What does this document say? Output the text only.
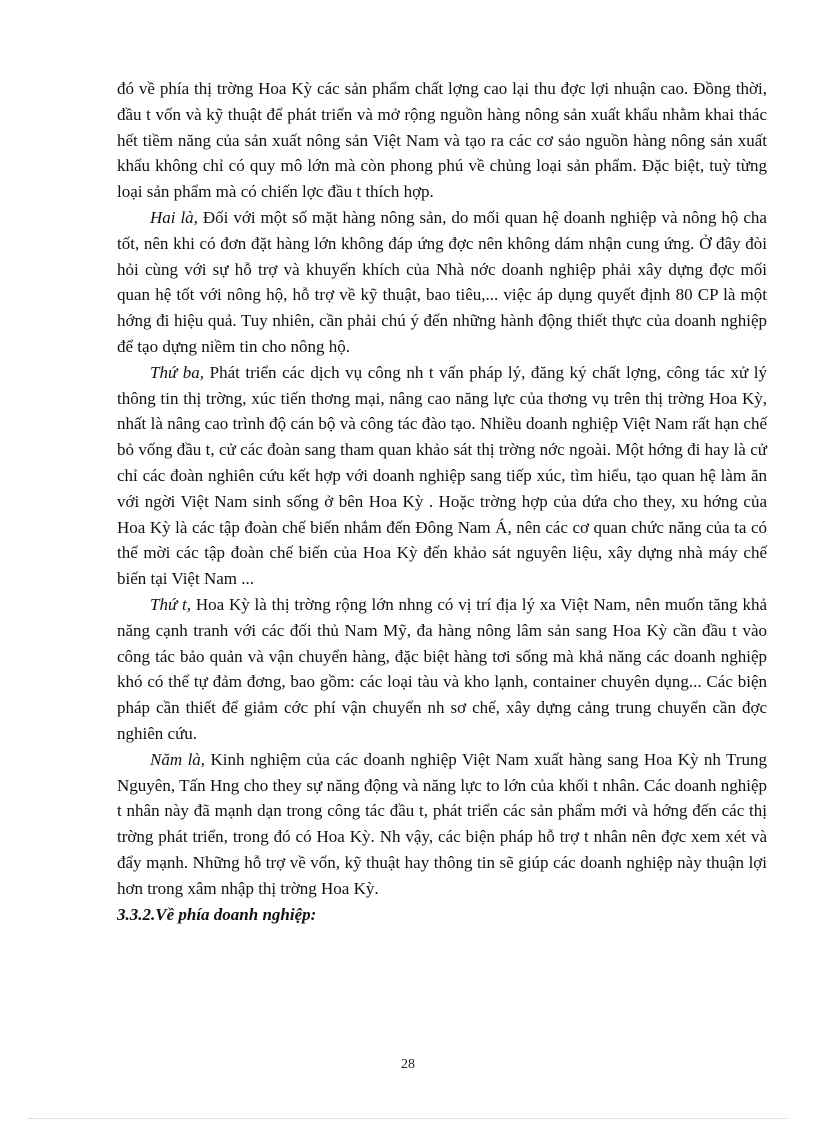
đó về phía thị trờng Hoa Kỳ các sản phẩm chất lợng cao lại thu đợc lợi nhuận cao. Đồng thời, đầu t vốn và kỹ thuật để phát triển và mở rộng nguồn hàng nông sản xuất khẩu nhằm khai thác hết tiềm năng của sản xuất nông sản Việt Nam và tạo ra các cơ sảo nguồn hàng nông sản xuất khẩu không chỉ có quy mô lớn mà còn phong phú về chủng loại sản phẩm. Đặc biệt, tuỳ từng loại sản phẩm mà có chiến lợc đầu t thích hợp.

Hai là, Đối với một số mặt hàng nông sản, do mối quan hệ doanh nghiệp và nông hộ cha tốt, nên khi có đơn đặt hàng lớn không đáp ứng đợc nên không dám nhận cung ứng. Ở đây đòi hỏi cùng với sự hỗ trợ và khuyến khích của Nhà nớc doanh nghiệp phải xây dựng đợc mối quan hệ tốt với nông hộ, hỗ trợ về kỹ thuật, bao tiêu,... việc áp dụng quyết định 80 CP là một hớng đi hiệu quả. Tuy nhiên, cần phải chú ý đến những hành động thiết thực của doanh nghiệp để tạo dựng niềm tin cho nông hộ.

Thứ ba, Phát triển các dịch vụ công nh t vấn pháp lý, đăng ký chất lợng, công tác xử lý thông tin thị trờng, xúc tiến thơng mại, nâng cao năng lực của thơng vụ trên thị trờng Hoa Kỳ, nhất là nâng cao trình độ cán bộ và công tác đào tạo. Nhiều doanh nghiệp Việt Nam rất hạn chế bỏ vống đầu t, cử các đoàn sang tham quan khảo sát thị trờng nớc ngoài. Một hớng đi hay là cử chỉ các đoàn nghiên cứu kết hợp với doanh nghiệp sang tiếp xúc, tìm hiểu, tạo quan hệ làm ăn với ngời Việt Nam sinh sống ở bên Hoa Kỳ . Hoặc trờng hợp của dứa cho they, xu hớng của Hoa Kỳ là các tập đoàn chế biến nhắm đến Đông Nam Á, nên các cơ quan chức năng của ta có thể mời các tập đoàn chế biến của Hoa Kỳ đến khảo sát nguyên liệu, xây dựng nhà máy chế biến tại Việt Nam ...

Thứ t, Hoa Kỳ là thị trờng rộng lớn nhng có vị trí địa lý xa Việt Nam, nên muốn tăng khả năng cạnh tranh với các đối thủ Nam Mỹ, đa hàng nông lâm sản sang Hoa Kỳ cần đầu t vào công tác bảo quản và vận chuyển hàng, đặc biệt hàng tơi sống mà khả năng các doanh nghiệp khó có thể tự đảm đơng, bao gồm: các loại tàu và kho lạnh, container chuyên dụng... Các biện pháp cần thiết để giảm cớc phí vận chuyển nh sơ chế, xây dựng cảng trung chuyển cần đợc nghiên cứu.

Năm là, Kinh nghiệm của các doanh nghiệp Việt Nam xuất hàng sang Hoa Kỳ nh Trung Nguyên, Tấn Hng cho they sự năng động và năng lực to lớn của khối t nhân. Các doanh nghiệp t nhân này đã mạnh dạn trong công tác đầu t, phát triển các sản phẩm mới và hớng đến các thị trờng phát triển, trong đó có Hoa Kỳ. Nh vậy, các biện pháp hỗ trợ t nhân nên đợc xem xét và đẩy mạnh. Những hỗ trợ về vốn, kỹ thuật hay thông tin sẽ giúp các doanh nghiệp này thuận lợi hơn trong xâm nhập thị trờng Hoa Kỳ.

3.3.2.Về phía doanh nghiệp:

28
